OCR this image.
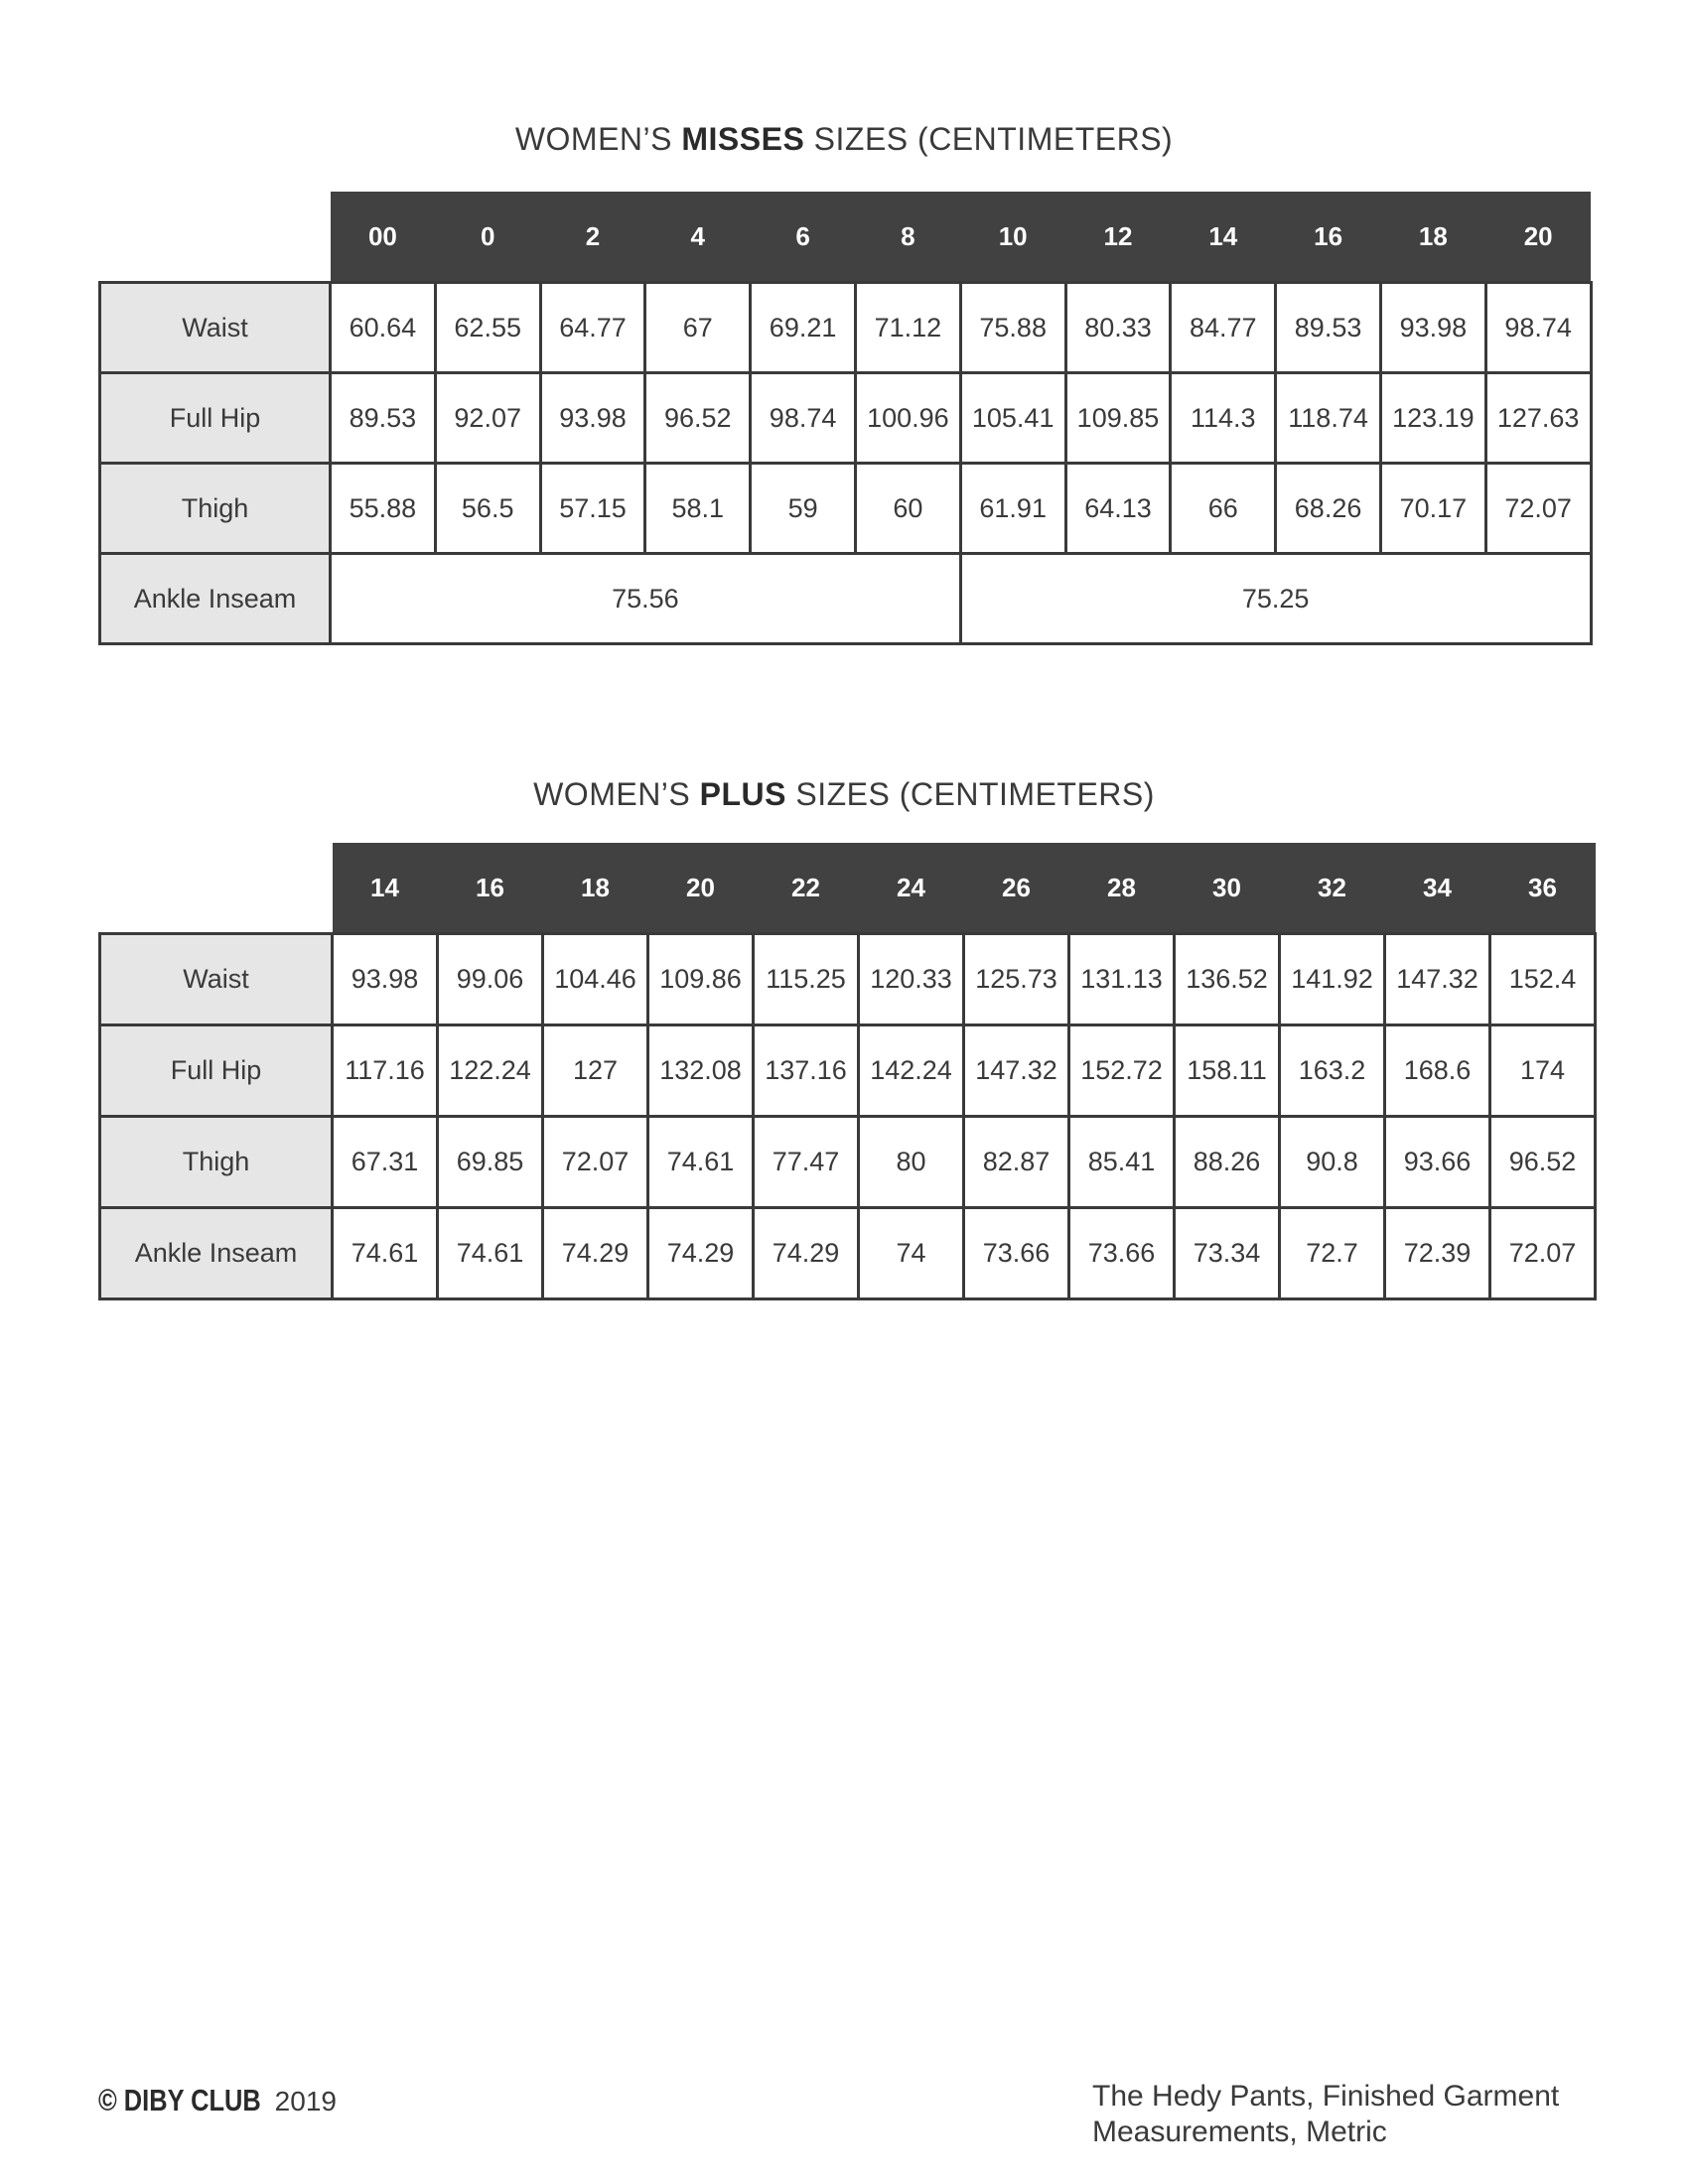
WOMEN’S MISSES SIZES (CENTIMETERS)
	00	0	2	4	6	8	10	12	14	16	18	20
Waist	60.64	62.55	64.77	67	69.21	71.12	75.88	80.33	84.77	89.53	93.98	98.74
Full Hip	89.53	92.07	93.98	96.52	98.74	100.96	105.41	109.85	114.3	118.74	123.19	127.63
Thigh	55.88	56.5	57.15	58.1	59	60	61.91	64.13	66	68.26	70.17	72.07
Ankle Inseam	75.56						75.25					
WOMEN’S PLUS SIZES (CENTIMETERS)
	14	16	18	20	22	24	26	28	30	32	34	36
Waist	93.98	99.06	104.46	109.86	115.25	120.33	125.73	131.13	136.52	141.92	147.32	152.4
Full Hip	117.16	122.24	127	132.08	137.16	142.24	147.32	152.72	158.11	163.2	168.6	174
Thigh	67.31	69.85	72.07	74.61	77.47	80	82.87	85.41	88.26	90.8	93.66	96.52
Ankle Inseam	74.61	74.61	74.29	74.29	74.29	74	73.66	73.66	73.34	72.7	72.39	72.07
© DIBY CLUB 2019	The Hedy Pants, Finished Garment
Measurements, Metric
